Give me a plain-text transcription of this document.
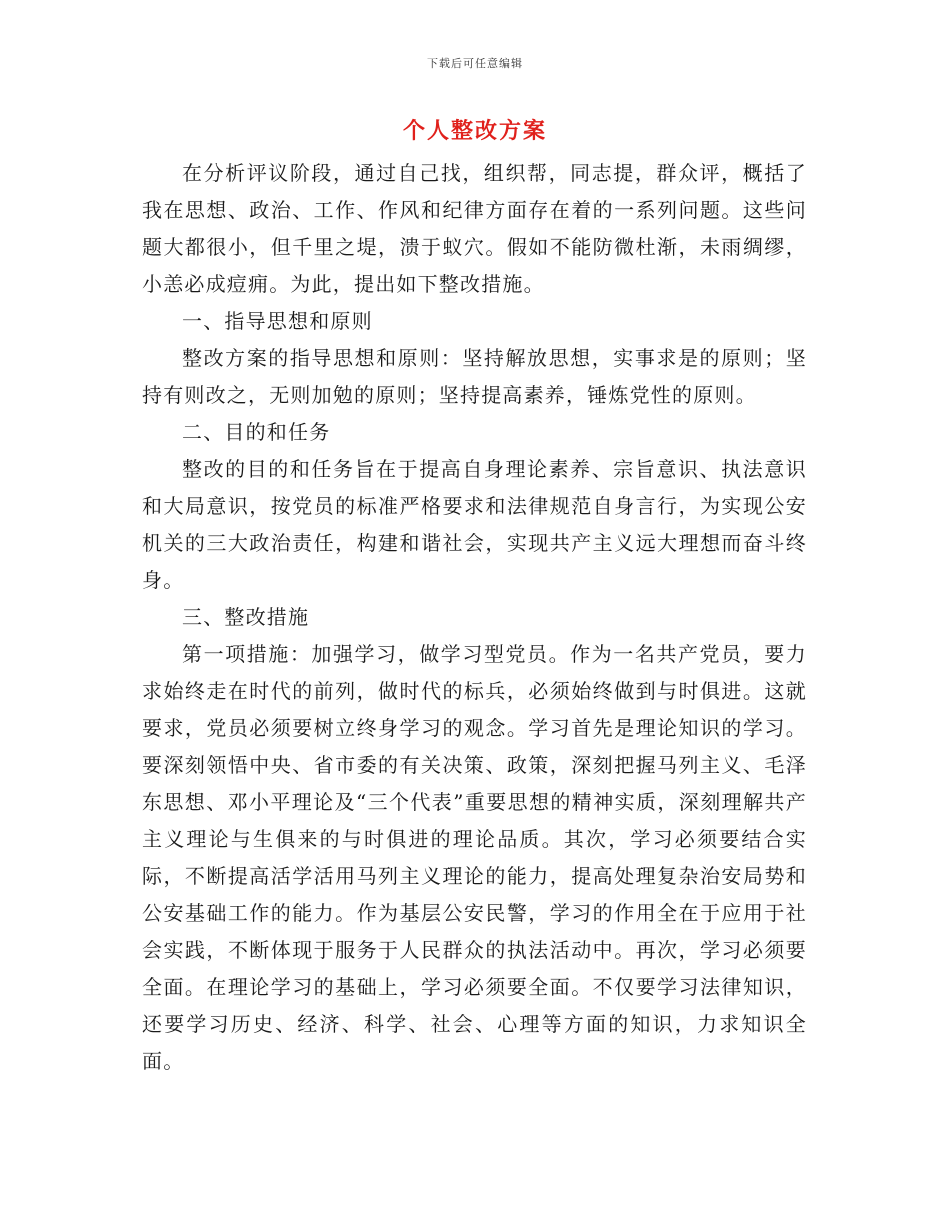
下载后可任意编辑
个人整改方案

在分析评议阶段，通过自己找，组织帮，同志提，群众评，概括了我在思想、政治、工作、作风和纪律方面存在着的一系列问题。这些问题大都很小，但千里之堤，溃于蚁穴。假如不能防微杜渐，未雨绸缪，小恙必成痘痈。为此，提出如下整改措施。

一、指导思想和原则

整改方案的指导思想和原则：坚持解放思想，实事求是的原则；坚持有则改之，无则加勉的原则；坚持提高素养，锤炼党性的原则。

二、目的和任务

整改的目的和任务旨在于提高自身理论素养、宗旨意识、执法意识和大局意识，按党员的标准严格要求和法律规范自身言行，为实现公安机关的三大政治责任，构建和谐社会，实现共产主义远大理想而奋斗终身。

三、整改措施

第一项措施：加强学习，做学习型党员。作为一名共产党员，要力求始终走在时代的前列，做时代的标兵，必须始终做到与时俱进。这就要求，党员必须要树立终身学习的观念。学习首先是理论知识的学习。要深刻领悟中央、省市委的有关决策、政策，深刻把握马列主义、毛泽东思想、邓小平理论及“三个代表”重要思想的精神实质，深刻理解共产主义理论与生俱来的与时俱进的理论品质。其次，学习必须要结合实际，不断提高活学活用马列主义理论的能力，提高处理复杂治安局势和公安基础工作的能力。作为基层公安民警，学习的作用全在于应用于社会实践，不断体现于服务于人民群众的执法活动中。再次，学习必须要全面。在理论学习的基础上，学习必须要全面。不仅要学习法律知识，还要学习历史、经济、科学、社会、心理等方面的知识，力求知识全面。
